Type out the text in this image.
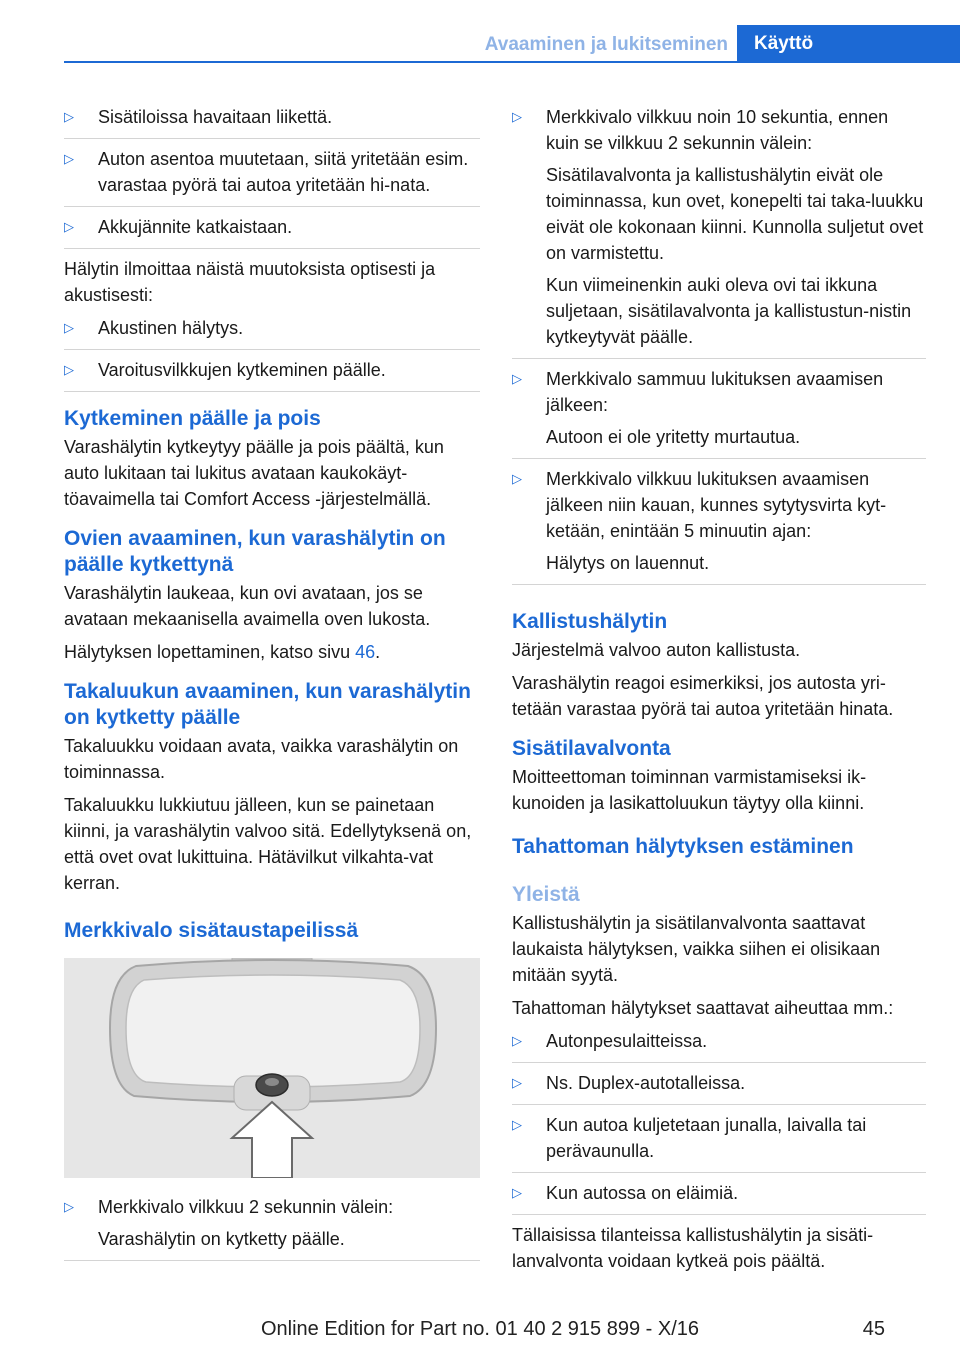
Avaaminen ja lukitseminen	Käyttö
▷	Sisätiloissa havaitaan liikettä.

▷	Auton asentoa muutetaan, siitä yritetään esim. varastaa pyörä tai autoa yritetään hi-nata.

▷	Akkujännite katkaistaan.

Hälytin ilmoittaa näistä muutoksista optisesti ja akustisesti:

▷	Akustinen hälytys.

▷	Varoitusvilkkujen kytkeminen päälle.

Kytkeminen päälle ja pois

Varashälytin kytkeytyy päälle ja pois päältä, kun auto lukitaan tai lukitus avataan kaukokäyt-töavaimella tai Comfort Access -järjestelmällä.

Ovien avaaminen, kun varashälytin on päälle kytkettynä

Varashälytin laukeaa, kun ovi avataan, jos se avataan mekaanisella avaimella oven lukosta.

Hälytyksen lopettaminen, katso sivu 46.

Takaluukun avaaminen, kun varashälytin on kytketty päälle

Takaluukku voidaan avata, vaikka varashälytin on toiminnassa.

Takaluukku lukkiutuu jälleen, kun se painetaan kiinni, ja varashälytin valvoo sitä. Edellytyksenä on, että ovet ovat lukittuina. Hätävilkut vilkahta-vat kerran.

Merkkivalo sisätaustapeilissä
▷	Merkkivalo vilkkuu 2 sekunnin välein:

Varashälytin on kytketty päälle.

▷	Merkkivalo vilkkuu noin 10 sekuntia, ennen kuin se vilkkuu 2 sekunnin välein:

Sisätilavalvonta ja kallistushälytin eivät ole toiminnassa, kun ovet, konepelti tai taka-luukku eivät ole kokonaan kiinni. Kunnolla suljetut ovet on varmistettu.

Kun viimeinenkin auki oleva ovi tai ikkuna suljetaan, sisätilavalvonta ja kallistustun-nistin kytkeytyvät päälle.

▷	Merkkivalo sammuu lukituksen avaamisen jälkeen:

Autoon ei ole yritetty murtautua.

▷	Merkkivalo vilkkuu lukituksen avaamisen jälkeen niin kauan, kunnes sytytysvirta kyt-ketään, enintään 5 minuutin ajan:

Hälytys on lauennut.

Kallistushälytin

Järjestelmä valvoo auton kallistusta.

Varashälytin reagoi esimerkiksi, jos autosta yri-tetään varastaa pyörä tai autoa yritetään hinata.

Sisätilavalvonta

Moitteettoman toiminnan varmistamiseksi ik-kunoiden ja lasikattoluukun täytyy olla kiinni.

Tahattoman hälytyksen estäminen
Yleistä

Kallistushälytin ja sisätilanvalvonta saattavat laukaista hälytyksen, vaikka siihen ei olisikaan mitään syytä.

Tahattoman hälytykset saattavat aiheuttaa mm.:

▷	Autonpesulaitteissa.

▷	Ns. Duplex-autotalleissa.

▷	Kun autoa kuljetetaan junalla, laivalla tai perävaunulla.

▷	Kun autossa on eläimiä.

Tällaisissa tilanteissa kallistushälytin ja sisäti-lanvalvonta voidaan kytkeä pois päältä.

Online Edition for Part no. 01 40 2 915 899 - X/16	45
